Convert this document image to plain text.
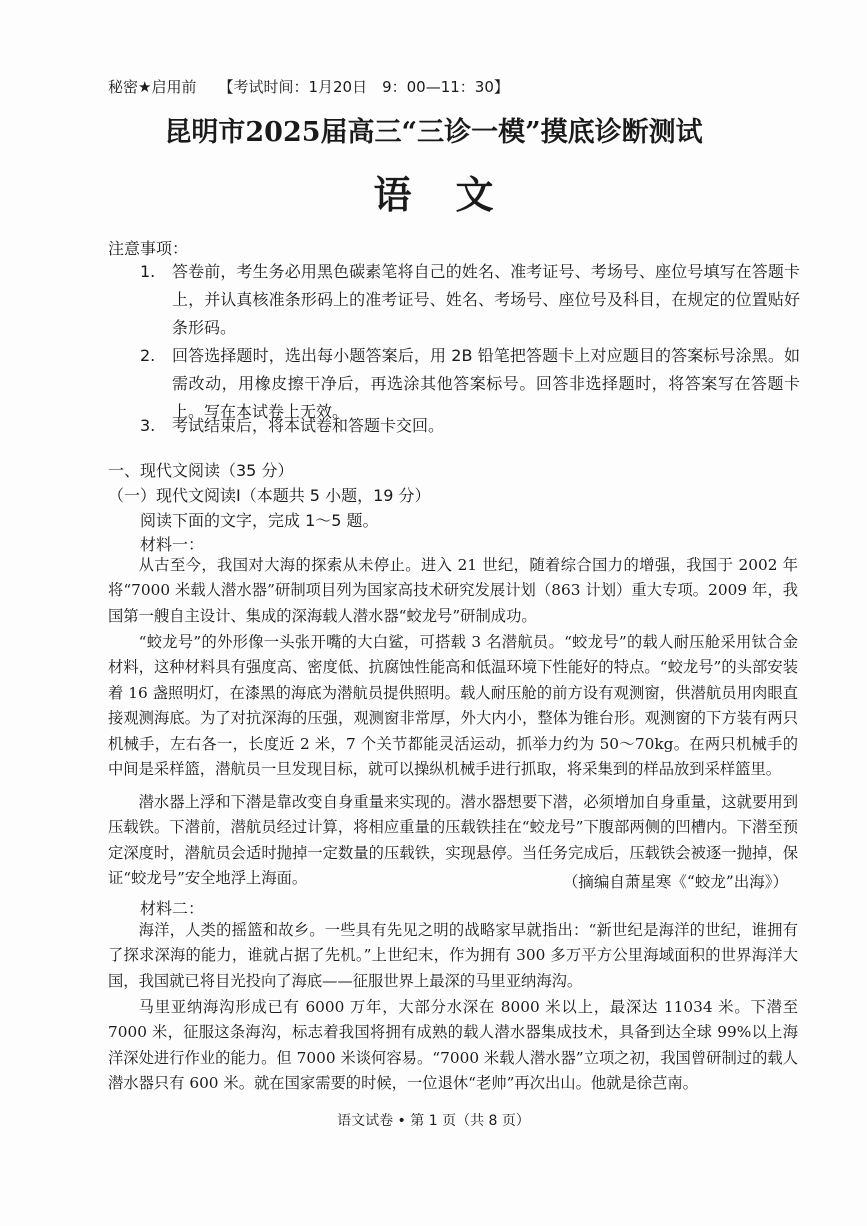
秘密★启用前 【考试时间：1月20日　9：00—11：30】
昆明市2025届高三“三诊一模”摸底诊断测试
语文
注意事项：
1. 答卷前，考生务必用黑色碳素笔将自己的姓名、准考证号、考场号、座位号填写在答题卡上，并认真核准条形码上的准考证号、姓名、考场号、座位号及科目，在规定的位置贴好条形码。
2. 回答选择题时，选出每小题答案后，用 2B 铅笔把答题卡上对应题目的答案标号涂黑。如需改动，用橡皮擦干净后，再选涂其他答案标号。回答非选择题时，将答案写在答题卡上。写在本试卷上无效。
3. 考试结束后，将本试卷和答题卡交回。
一、现代文阅读（35 分）
（一）现代文阅读Ⅰ（本题共 5 小题，19 分）
阅读下面的文字，完成 1～5 题。
材料一：
从古至今，我国对大海的探索从未停止。进入 21 世纪，随着综合国力的增强，我国于 2002 年将“7000 米载人潜水器”研制项目列为国家高技术研究发展计划（863 计划）重大专项。2009 年，我国第一艘自主设计、集成的深海载人潜水器“蛟龙号”研制成功。
“蛟龙号”的外形像一头张开嘴的大白鲨，可搭载 3 名潜航员。“蛟龙号”的载人耐压舱采用钛合金材料，这种材料具有强度高、密度低、抗腐蚀性能高和低温环境下性能好的特点。“蛟龙号”的头部安装着 16 盏照明灯，在漆黑的海底为潜航员提供照明。载人耐压舱的前方设有观测窗，供潜航员用肉眼直接观测海底。为了对抗深海的压强，观测窗非常厚，外大内小，整体为锥台形。观测窗的下方装有两只机械手，左右各一，长度近 2 米，7 个关节都能灵活运动，抓举力约为 50～70kg。在两只机械手的中间是采样篮，潜航员一旦发现目标，就可以操纵机械手进行抓取，将采集到的样品放到采样篮里。
潜水器上浮和下潜是靠改变自身重量来实现的。潜水器想要下潜，必须增加自身重量，这就要用到压载铁。下潜前，潜航员经过计算，将相应重量的压载铁挂在“蛟龙号”下腹部两侧的凹槽内。下潜至预定深度时，潜航员会适时抛掉一定数量的压载铁，实现悬停。当任务完成后，压载铁会被逐一抛掉，保证“蛟龙号”安全地浮上海面。	（摘编自萧星寒《“蛟龙”出海》）
材料二：
海洋，人类的摇篮和故乡。一些具有先见之明的战略家早就指出：“新世纪是海洋的世纪，谁拥有了探求深海的能力，谁就占据了先机。”上世纪末，作为拥有 300 多万平方公里海域面积的世界海洋大国，我国就已将目光投向了海底——征服世界上最深的马里亚纳海沟。
马里亚纳海沟形成已有 6000 万年，大部分水深在 8000 米以上，最深达 11034 米。下潜至 7000 米，征服这条海沟，标志着我国将拥有成熟的载人潜水器集成技术，具备到达全球 99%以上海洋深处进行作业的能力。但 7000 米谈何容易。“7000 米载人潜水器”立项之初，我国曾研制过的载人潜水器只有 600 米。就在国家需要的时候，一位退休“老帅”再次出山。他就是徐芑南。
语文试卷 • 第 1 页（共 8 页）
